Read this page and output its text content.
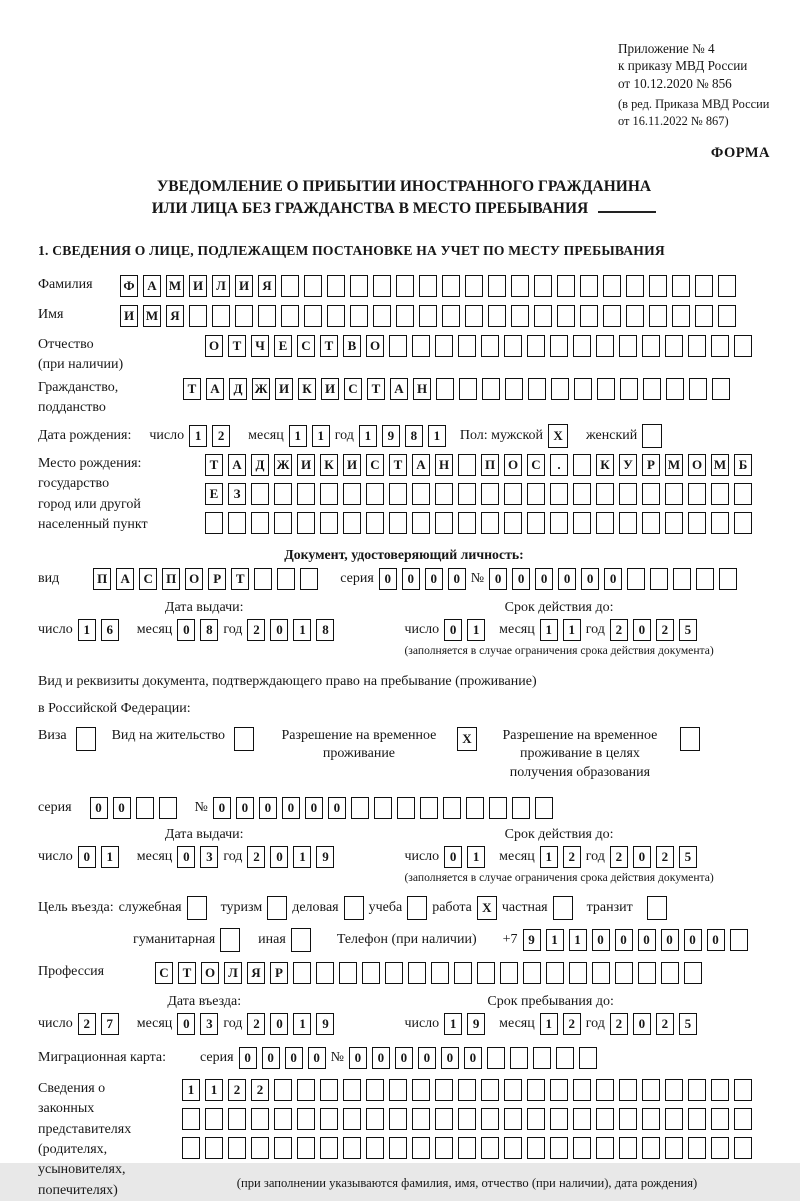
Приложение № 4
к приказу МВД России
от 10.12.2020 № 856
(в ред. Приказа МВД России
от 16.11.2022 № 867)
ФОРМА
УВЕДОМЛЕНИЕ О ПРИБЫТИИ ИНОСТРАННОГО ГРАЖДАНИНА
ИЛИ ЛИЦА БЕЗ ГРАЖДАНСТВА В МЕСТО ПРЕБЫВАНИЯ
1. СВЕДЕНИЯ О ЛИЦЕ, ПОДЛЕЖАЩЕМ ПОСТАНОВКЕ НА УЧЕТ ПО МЕСТУ ПРЕБЫВАНИЯ
Фамилия	Ф А М И	Л	И	Я
Имя	И М Я
Отчество
(при наличии)
О	Т	Ч	Е	С	Т	В	О
Гражданство,
подданство
Т	А	Д Ж И	К	И	С	Т	А	Н
Дата рождения: число 1	2	месяц 1	1 год 1	9	8	1	Пол: мужской X	женский
Место рождения:
государство
город или другой
населенный пункт
Т	А	Д Ж И	К	И	С	Т	А	Н	П О	С	.	К	У	Р М О М Б
Е	З
Документ, удостоверяющий личность:
вид	П	А	С	П О	Р	Т	серия 0	0	0	0 № 0	0	0	0	0	0
Дата выдачи:
число 1	6	месяц 0	8 год 2	0	1	8
Срок действия до:
число 0	1	месяц 1	1 год 2	0	2	5
(заполняется в случае ограничения срока действия документа)
Вид и реквизиты документа, подтверждающего право на пребывание (проживание)
в Российской Федерации:
Виза	Вид на жительство	Разрешение на временное проживание
X	Разрешение на временное проживание в целях получения образования
серия	0	0	№ 0	0	0	0	0	0
Дата выдачи:
число 0	1	месяц 0	3 год 2	0	1	9
Срок действия до:
число 0	1	месяц 1	2 год 2	0	2	5
(заполняется в случае ограничения срока действия документа)
Цель въезда: служебная	туризм деловая учеба работа X частная	транзит
гуманитарная	иная	Телефон (при наличии) +7 9	1	1	0	0	0	0	0	0
Профессия	С	Т	О	Л	Я	Р
Дата въезда:
число 2	7	месяц 0	3 год 2	0	1	9
Срок пребывания до:
число 1	9	месяц 1	2 год 2	0	2	5
Миграционная карта: серия 0	0	0	0 № 0	0	0	0	0	0
Сведения о
законных
представителях
(родителях,
усыновителях,
попечителях)
1	1	2	2
(при заполнении указываются фамилия, имя, отчество (при наличии), дата рождения)
